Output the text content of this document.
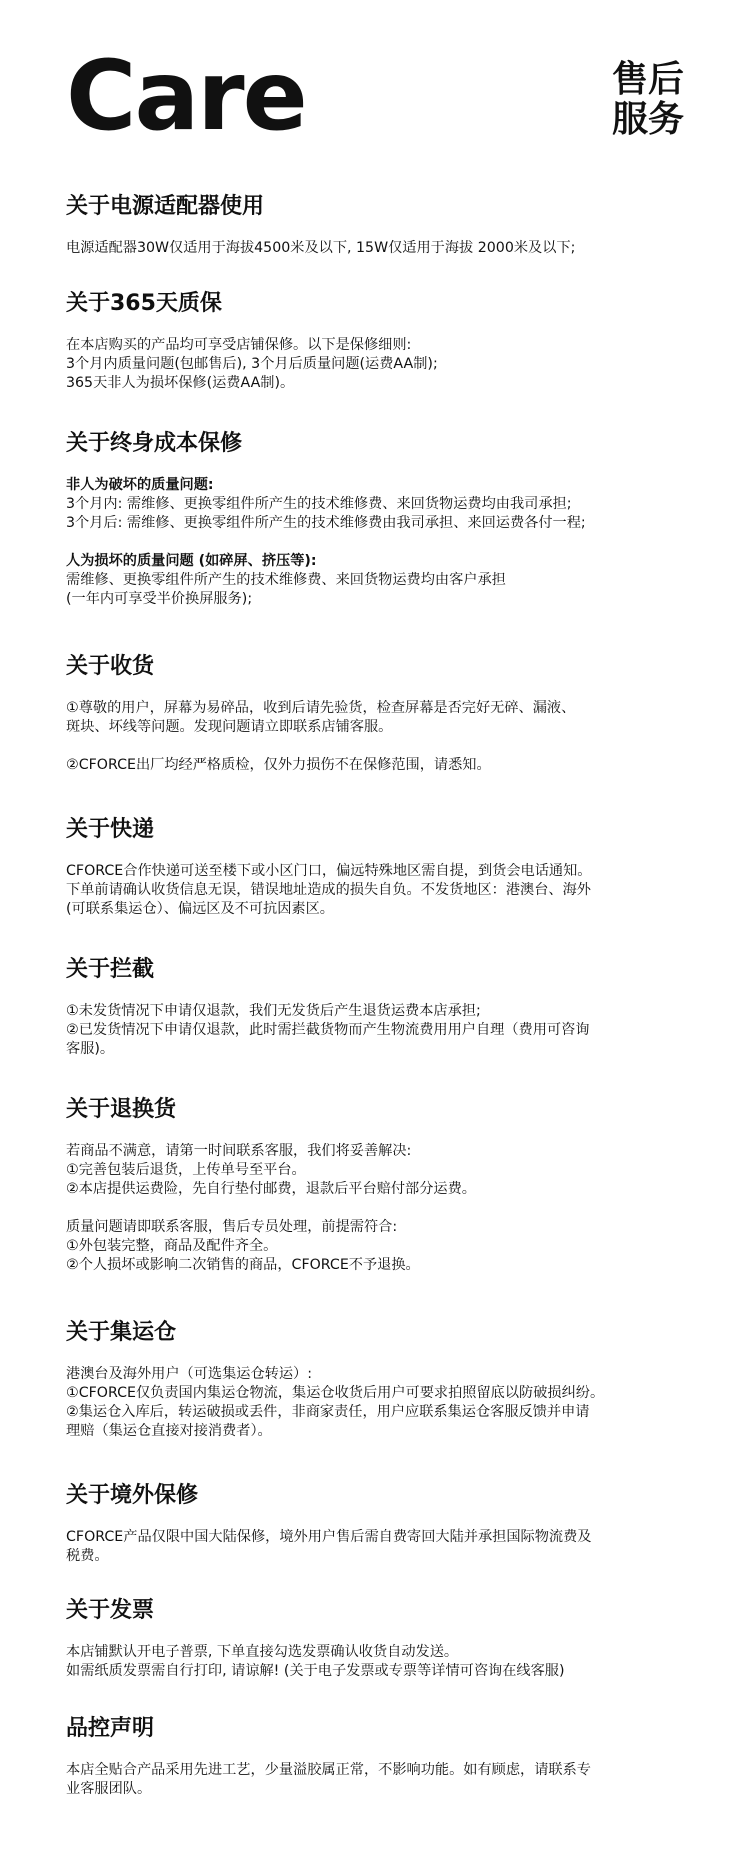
Care	售后
服务
关于电源适配器使用

电源适配器30W仅适用于海拔4500米及以下, 15W仅适用于海拔 2000米及以下;

关于365天质保

在本店购买的产品均可享受店铺保修。以下是保修细则:

3个月内质量问题(包邮售后), 3个月后质量问题(运费AA制);

365天非人为损坏保修(运费AA制)。

关于终身成本保修

非人为破坏的质量问题:

3个月内: 需维修、更换零组件所产生的技术维修费、来回货物运费均由我司承担;

3个月后: 需维修、更换零组件所产生的技术维修费由我司承担、来回运费各付一程;

人为损坏的质量问题 (如碎屏、挤压等):

需维修、更换零组件所产生的技术维修费、来回货物运费均由客户承担

(一年内可享受半价换屏服务);

关于收货

①尊敬的用户，屏幕为易碎品，收到后请先验货，检查屏幕是否完好无碎、漏液、

斑块、坏线等问题。发现问题请立即联系店铺客服。

②CFORCE出厂均经严格质检，仅外力损伤不在保修范围，请悉知。

关于快递

CFORCE合作快递可送至楼下或小区门口，偏远特殊地区需自提，到货会电话通知。

下单前请确认收货信息无误，错误地址造成的损失自负。不发货地区：港澳台、海外

(可联系集运仓）、偏远区及不可抗因素区。

关于拦截

①未发货情况下申请仅退款，我们无发货后产生退货运费本店承担;

②已发货情况下申请仅退款，此时需拦截货物而产生物流费用用户自理（费用可咨询

客服)。

关于退换货

若商品不满意，请第一时间联系客服，我们将妥善解决:

①完善包装后退货，上传单号至平台。

②本店提供运费险，先自行垫付邮费，退款后平台赔付部分运费。

质量问题请即联系客服，售后专员处理，前提需符合:

①外包装完整，商品及配件齐全。

②个人损坏或影响二次销售的商品，CFORCE不予退换。

关于集运仓

港澳台及海外用户（可选集运仓转运）:

①CFORCE仅负责国内集运仓物流，集运仓收货后用户可要求拍照留底以防破损纠纷。

②集运仓入库后，转运破损或丢件，非商家责任，用户应联系集运仓客服反馈并申请

理赔（集运仓直接对接消费者）。

关于境外保修

CFORCE产品仅限中国大陆保修，境外用户售后需自费寄回大陆并承担国际物流费及

税费。

关于发票

本店铺默认开电子普票, 下单直接勾选发票确认收货自动发送。

如需纸质发票需自行打印, 请谅解! (关于电子发票或专票等详情可咨询在线客服)

品控声明

本店全贴合产品采用先进工艺，少量溢胶属正常，不影响功能。如有顾虑，请联系专

业客服团队。
